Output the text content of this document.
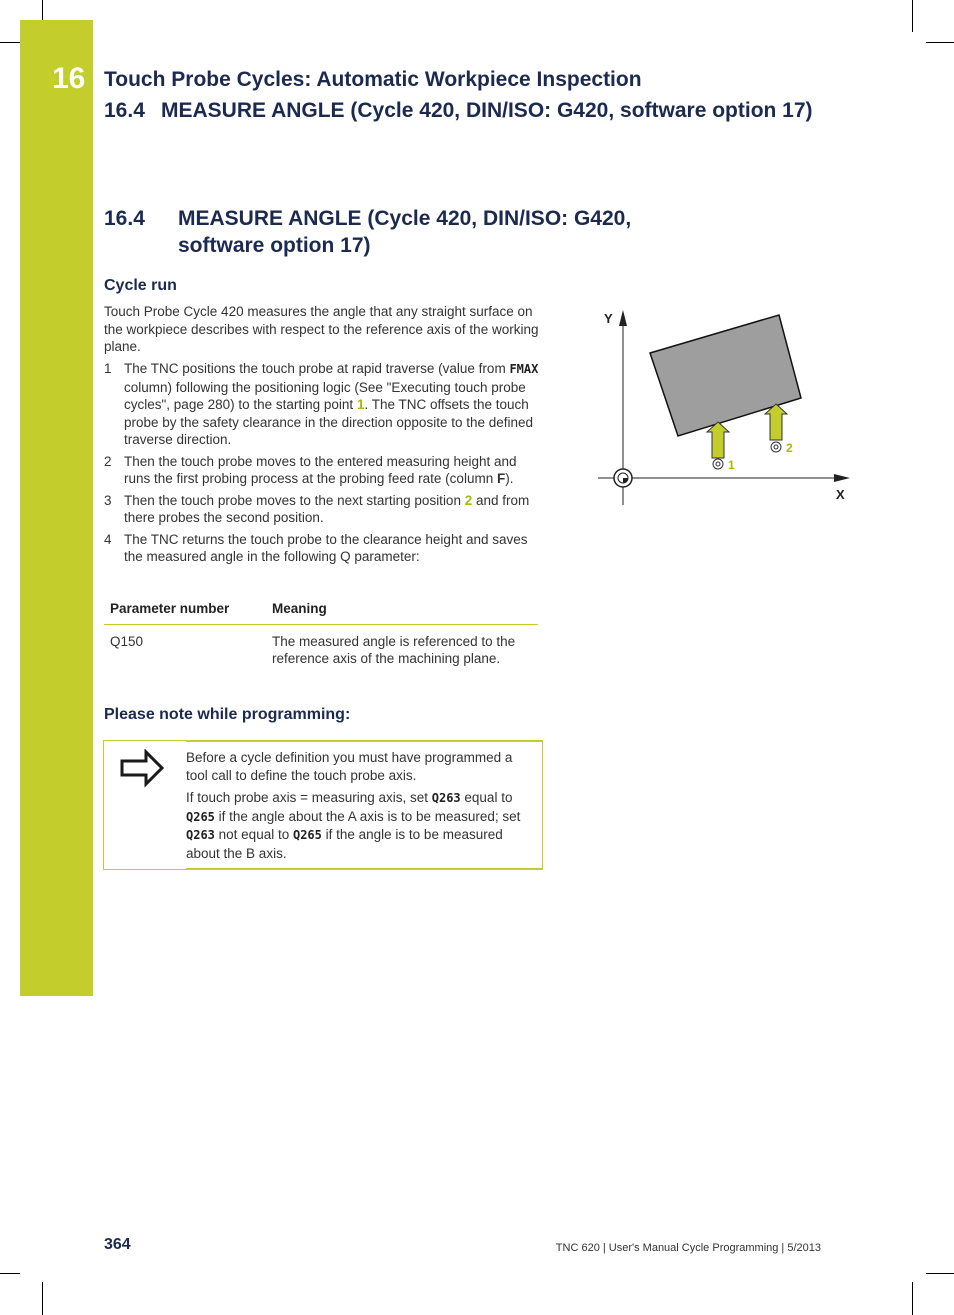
16 Touch Probe Cycles: Automatic Workpiece Inspection
16.4 MEASURE ANGLE (Cycle 420, DIN/ISO: G420, software option 17)
16.4 MEASURE ANGLE (Cycle 420, DIN/ISO: G420, software option 17)
Cycle run
Touch Probe Cycle 420 measures the angle that any straight surface on the workpiece describes with respect to the reference axis of the working plane.
1 The TNC positions the touch probe at rapid traverse (value from FMAX column) following the positioning logic (See "Executing touch probe cycles", page 280) to the starting point 1. The TNC offsets the touch probe by the safety clearance in the direction opposite to the defined traverse direction.
2 Then the touch probe moves to the entered measuring height and runs the first probing process at the probing feed rate (column F).
3 Then the touch probe moves to the next starting position 2 and from there probes the second position.
4 The TNC returns the touch probe to the clearance height and saves the measured angle in the following Q parameter:
Parameter number	Meaning
Q150	The measured angle is referenced to the reference axis of the machining plane.
Please note while programming:

Before a cycle definition you must have programmed a tool call to define the touch probe axis.

If touch probe axis = measuring axis, set Q263 equal to Q265 if the angle about the A axis is to be measured; set Q263 not equal to Q265 if the angle is to be measured about the B axis.

Y
X
1
2
364	TNC 620 | User's Manual Cycle Programming | 5/2013
